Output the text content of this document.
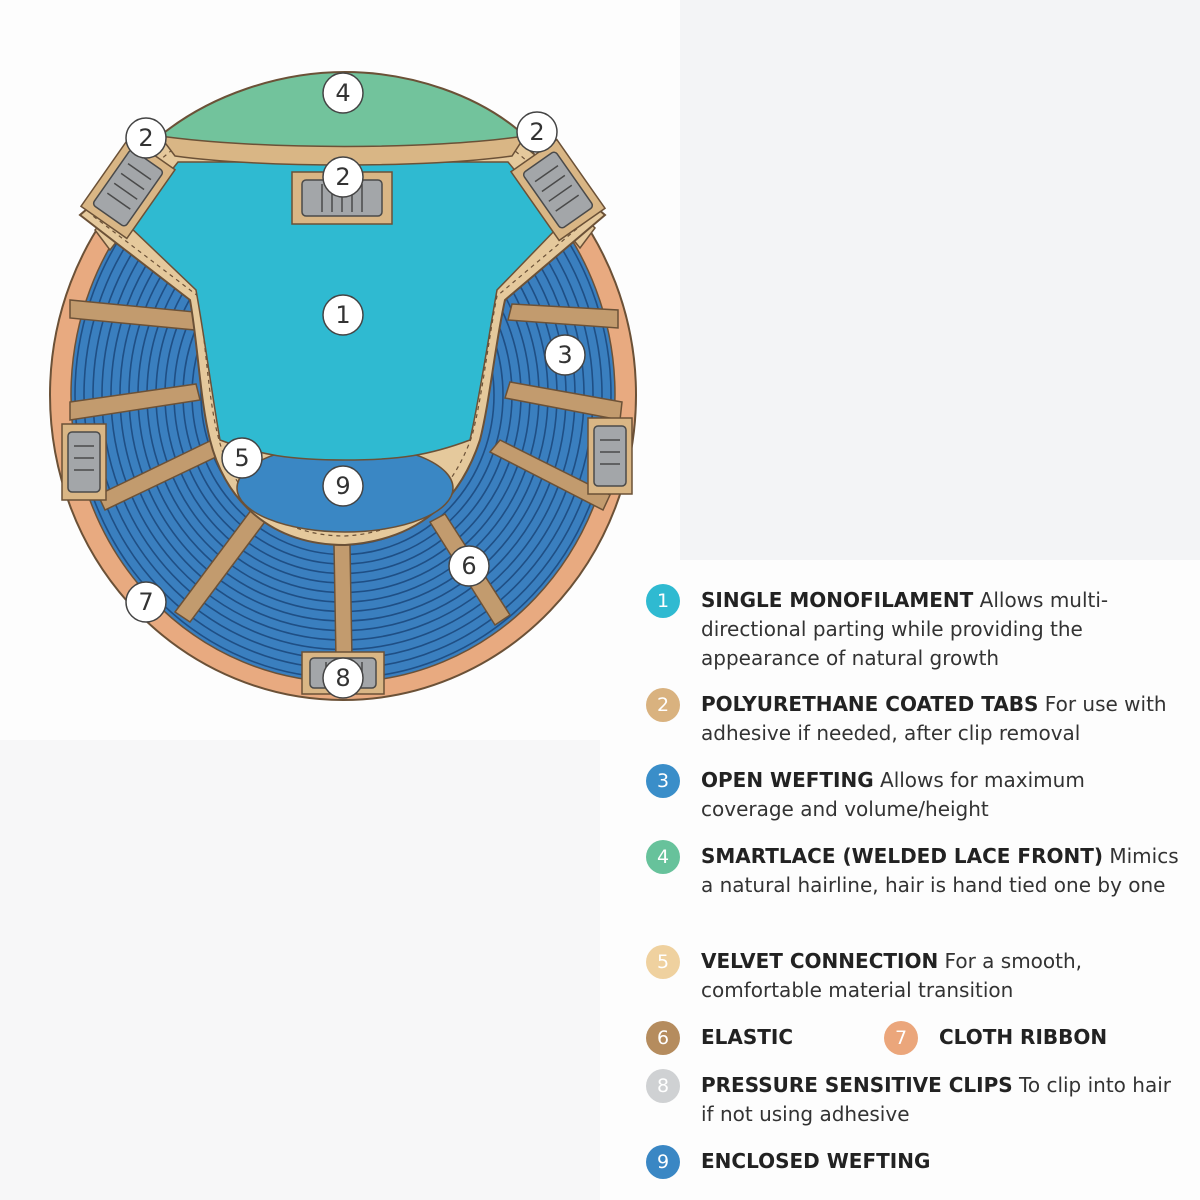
4
2	2
2
1
3
5
9
6
7
8
1	SINGLE MONOFILAMENT Allows multi-directional parting while providing the appearance of natural growth
2	POLYURETHANE COATED TABS For use with adhesive if needed, after clip removal
3	OPEN WEFTING Allows for maximum coverage and volume/height
4	SMARTLACE (WELDED LACE FRONT) Mimics a natural hairline, hair is hand tied one by one
5	VELVET CONNECTION For a smooth, comfortable material transition
6	ELASTIC	7	CLOTH RIBBON
8	PRESSURE SENSITIVE CLIPS To clip into hair if not using adhesive
9	ENCLOSED WEFTING
